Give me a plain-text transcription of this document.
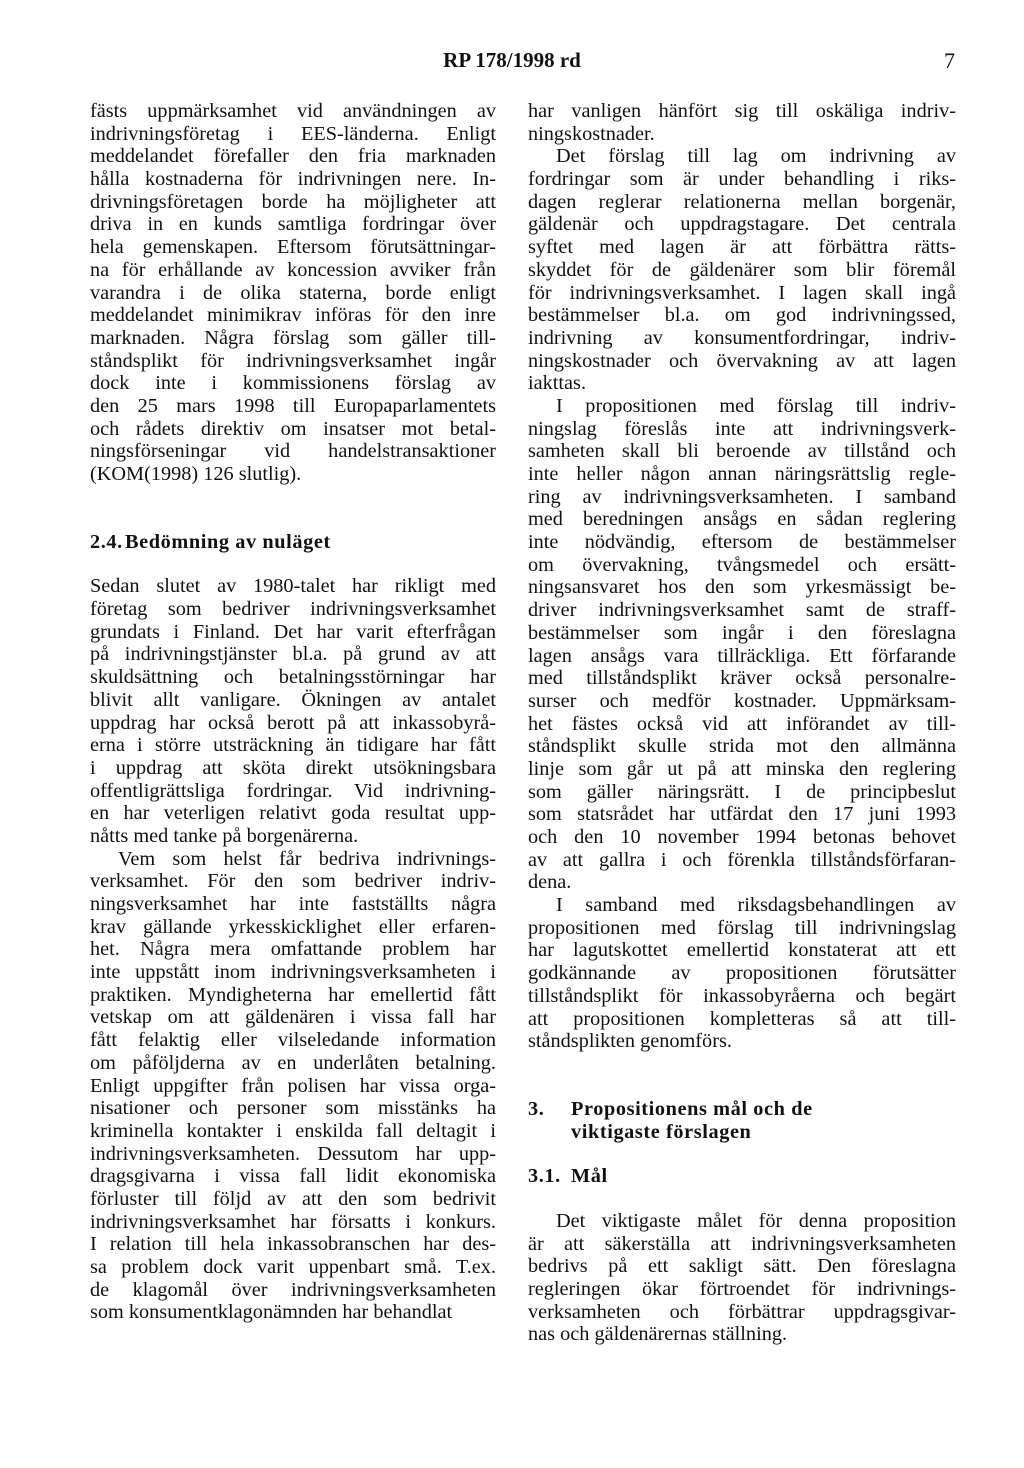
RP 178/1998 rd	7
fästs uppmärksamhet vid användningen av
indrivningsföretag i EES-länderna. Enligt
meddelandet förefaller den fria marknaden
hålla kostnaderna för indrivningen nere. In-
drivningsföretagen borde ha möjligheter att
driva in en kunds samtliga fordringar över
hela gemenskapen. Eftersom förutsättningar-
na för erhållande av koncession avviker från
varandra i de olika staterna, borde enligt
meddelandet minimikrav införas för den inre
marknaden. Några förslag som gäller till-
ståndsplikt för indrivningsverksamhet ingår
dock inte i kommissionens förslag av
den 25 mars 1998 till Europaparlamentets
och rådets direktiv om insatser mot betal-
ningsförseningar vid handelstransaktioner
(KOM(1998) 126 slutlig).
2.4. Bedömning av nuläget
Sedan slutet av 1980-talet har rikligt med
företag som bedriver indrivningsverksamhet
grundats i Finland. Det har varit efterfrågan
på indrivningstjänster bl.a. på grund av att
skuldsättning och betalningsstörningar har
blivit allt vanligare. Ökningen av antalet
uppdrag har också berott på att inkassobyrå-
erna i större utsträckning än tidigare har fått
i uppdrag att sköta direkt utsökningsbara
offentligrättsliga fordringar. Vid indrivning-
en har veterligen relativt goda resultat upp-
nåtts med tanke på borgenärerna.
Vem som helst får bedriva indrivnings-
verksamhet. För den som bedriver indriv-
ningsverksamhet har inte fastställts några
krav gällande yrkesskicklighet eller erfaren-
het. Några mera omfattande problem har
inte uppstått inom indrivningsverksamheten i
praktiken. Myndigheterna har emellertid fått
vetskap om att gäldenären i vissa fall har
fått felaktig eller vilseledande information
om påföljderna av en underlåten betalning.
Enligt uppgifter från polisen har vissa orga-
nisationer och personer som misstänks ha
kriminella kontakter i enskilda fall deltagit i
indrivningsverksamheten. Dessutom har upp-
dragsgivarna i vissa fall lidit ekonomiska
förluster till följd av att den som bedrivit
indrivningsverksamhet har försatts i konkurs.
I relation till hela inkassobranschen har des-
sa problem dock varit uppenbart små. T.ex.
de klagomål över indrivningsverksamheten
som konsumentklagonämnden har behandlat
har vanligen hänfört sig till oskäliga indriv-
ningskostnader.
Det förslag till lag om indrivning av
fordringar som är under behandling i riks-
dagen reglerar relationerna mellan borgenär,
gäldenär och uppdragstagare. Det centrala
syftet med lagen är att förbättra rätts-
skyddet för de gäldenärer som blir föremål
för indrivningsverksamhet. I lagen skall ingå
bestämmelser bl.a. om god indrivningssed,
indrivning av konsumentfordringar, indriv-
ningskostnader och övervakning av att lagen
iakttas.
I propositionen med förslag till indriv-
ningslag föreslås inte att indrivningsverk-
samheten skall bli beroende av tillstånd och
inte heller någon annan näringsrättslig regle-
ring av indrivningsverksamheten. I samband
med beredningen ansågs en sådan reglering
inte nödvändig, eftersom de bestämmelser
om övervakning, tvångsmedel och ersätt-
ningsansvaret hos den som yrkesmässigt be-
driver indrivningsverksamhet samt de straff-
bestämmelser som ingår i den föreslagna
lagen ansågs vara tillräckliga. Ett förfarande
med tillståndsplikt kräver också personalre-
surser och medför kostnader. Uppmärksam-
het fästes också vid att införandet av till-
ståndsplikt skulle strida mot den allmänna
linje som går ut på att minska den reglering
som gäller näringsrätt. I de principbeslut
som statsrådet har utfärdat den 17 juni 1993
och den 10 november 1994 betonas behovet
av att gallra i och förenkla tillståndsförfaran-
dena.
I samband med riksdagsbehandlingen av
propositionen med förslag till indrivningslag
har lagutskottet emellertid konstaterat att ett
godkännande av propositionen förutsätter
tillståndsplikt för inkassobyråerna och begärt
att propositionen kompletteras så att till-
ståndsplikten genomförs.
3. Propositionens mål och de
viktigaste förslagen
3.1. Mål
Det viktigaste målet för denna proposition
är att säkerställa att indrivningsverksamheten
bedrivs på ett sakligt sätt. Den föreslagna
regleringen ökar förtroendet för indrivnings-
verksamheten och förbättrar uppdragsgivar-
nas och gäldenärernas ställning.
